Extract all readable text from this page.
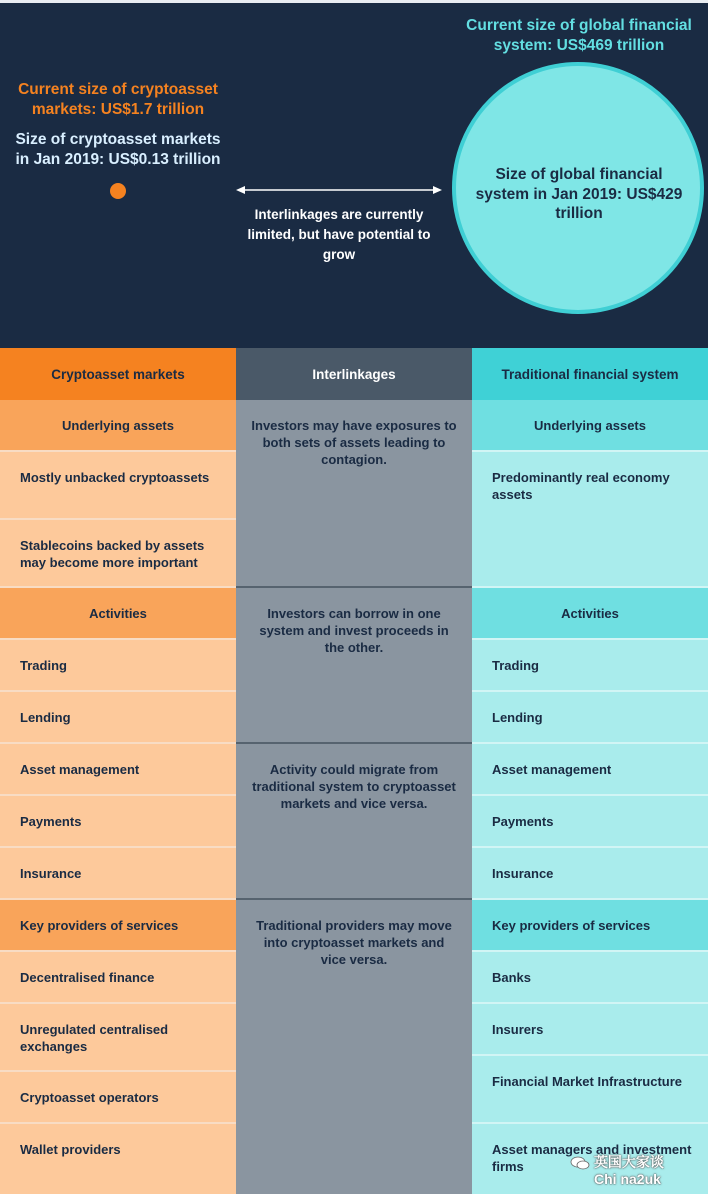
Current size of cryptoasset markets: US$1.7 trillion
Size of cryptoasset markets in Jan 2019: US$0.13 trillion
Interlinkages are currently limited, but have potential to grow
Current size of global financial system: US$469 trillion
Size of global financial system in Jan 2019: US$429 trillion
Cryptoasset markets
Underlying assets
Mostly unbacked cryptoassets
Stablecoins backed by assets may become more important
Activities
Trading
Lending
Asset management
Payments
Insurance
Key providers of services
Decentralised finance
Unregulated centralised exchanges
Cryptoasset operators
Wallet providers
Interlinkages
Investors may have exposures to both sets of assets leading to contagion.
Investors can borrow in one system and invest proceeds in the other.
Activity could migrate from traditional system to cryptoasset markets and vice versa.
Traditional providers may move into cryptoasset markets and vice versa.
Traditional financial system
Underlying assets
Predominantly real economy assets
Activities
Trading
Lending
Asset management
Payments
Insurance
Key providers of services
Banks
Insurers
Financial Market Infrastructure
Asset managers and investment firms	英国大家谈
Chi na2uk
